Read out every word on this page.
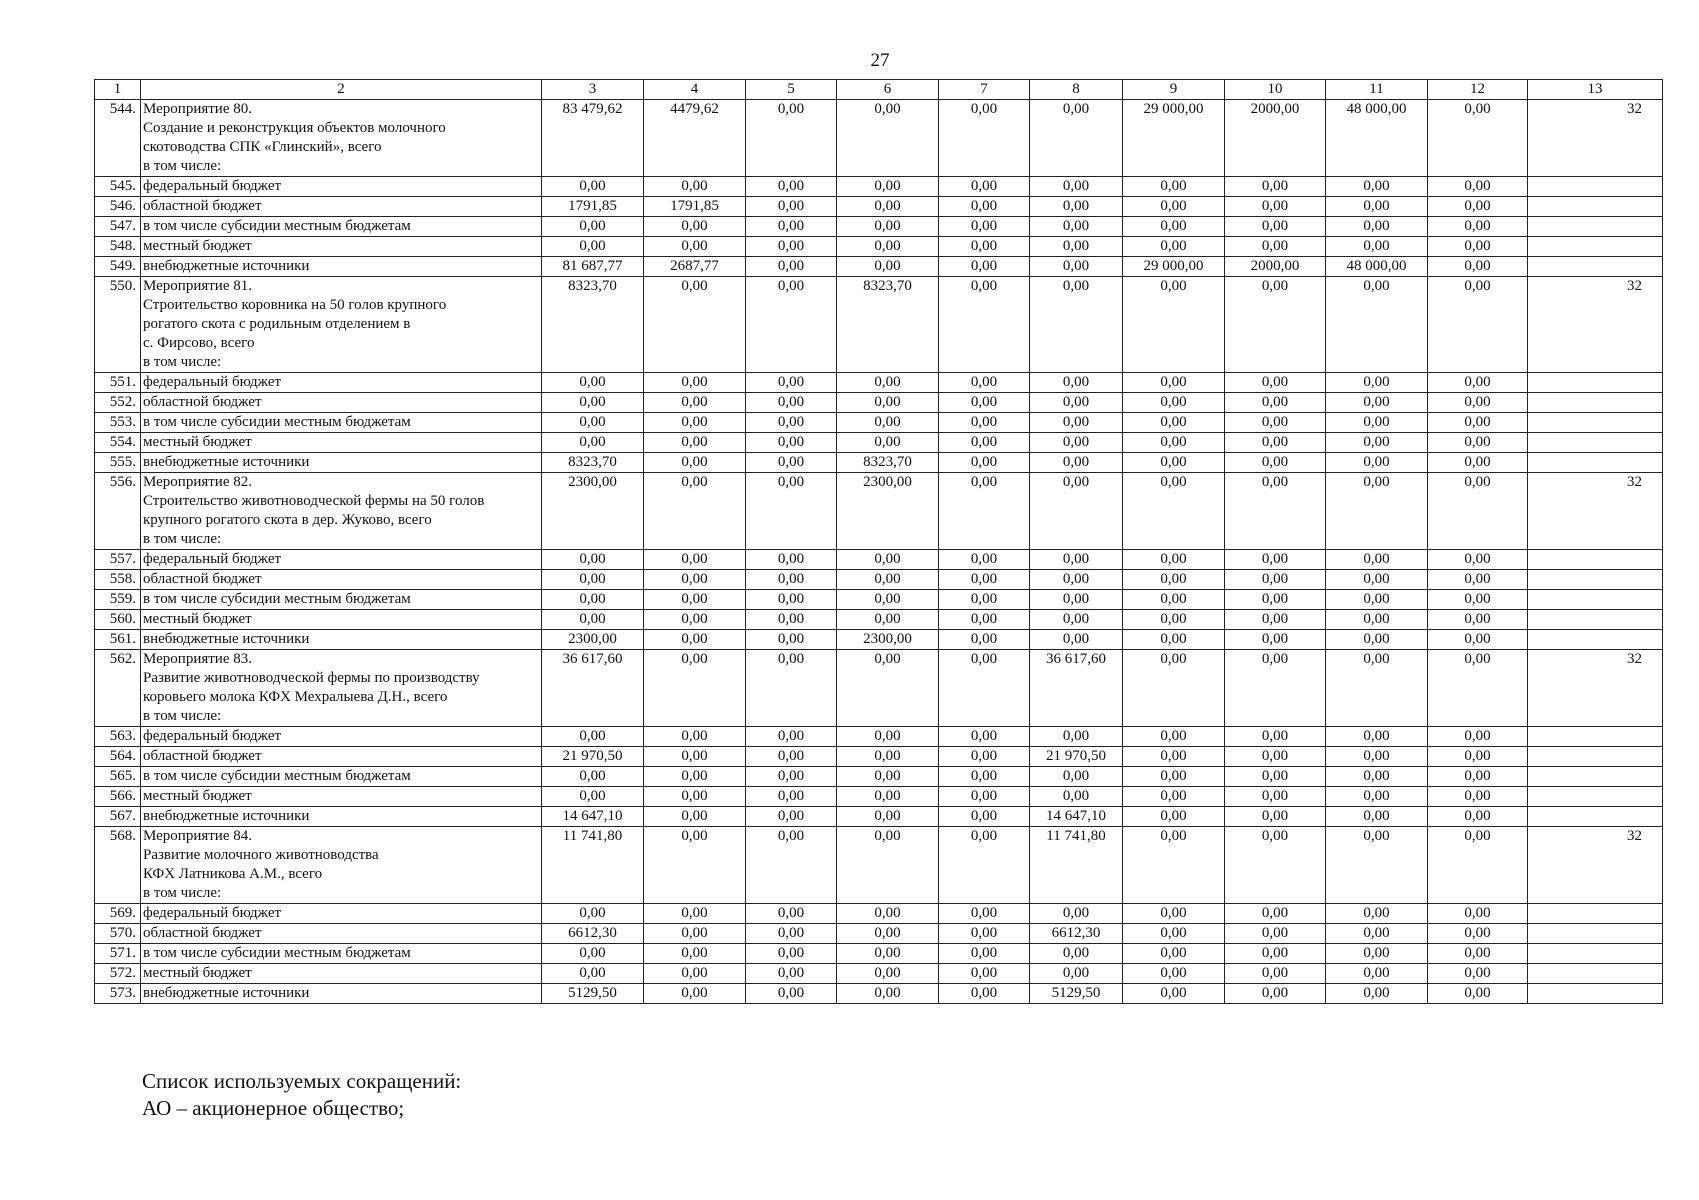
27
1	2	3	4	5	6	7	8	9	10	11	12	13
544.	Мероприятие 80.
Создание и реконструкция объектов молочного
скотоводства СПК «Глинский», всего
в том числе:	83 479,62	4479,62	0,00	0,00	0,00	0,00	29 000,00	2000,00	48 000,00	0,00	32
545.	федеральный бюджет	0,00	0,00	0,00	0,00	0,00	0,00	0,00	0,00	0,00	0,00	
546.	областной бюджет	1791,85	1791,85	0,00	0,00	0,00	0,00	0,00	0,00	0,00	0,00	
547.	в том числе субсидии местным бюджетам	0,00	0,00	0,00	0,00	0,00	0,00	0,00	0,00	0,00	0,00	
548.	местный бюджет	0,00	0,00	0,00	0,00	0,00	0,00	0,00	0,00	0,00	0,00	
549.	внебюджетные источники	81 687,77	2687,77	0,00	0,00	0,00	0,00	29 000,00	2000,00	48 000,00	0,00	
550.	Мероприятие 81.
Строительство коровника на 50 голов крупного
рогатого скота с родильным отделением в
с. Фирсово, всего
в том числе:	8323,70	0,00	0,00	8323,70	0,00	0,00	0,00	0,00	0,00	0,00	32
551.	федеральный бюджет	0,00	0,00	0,00	0,00	0,00	0,00	0,00	0,00	0,00	0,00	
552.	областной бюджет	0,00	0,00	0,00	0,00	0,00	0,00	0,00	0,00	0,00	0,00	
553.	в том числе субсидии местным бюджетам	0,00	0,00	0,00	0,00	0,00	0,00	0,00	0,00	0,00	0,00	
554.	местный бюджет	0,00	0,00	0,00	0,00	0,00	0,00	0,00	0,00	0,00	0,00	
555.	внебюджетные источники	8323,70	0,00	0,00	8323,70	0,00	0,00	0,00	0,00	0,00	0,00	
556.	Мероприятие 82.
Строительство животноводческой фермы на 50 голов
крупного рогатого скота в дер. Жуково, всего
в том числе:	2300,00	0,00	0,00	2300,00	0,00	0,00	0,00	0,00	0,00	0,00	32
557.	федеральный бюджет	0,00	0,00	0,00	0,00	0,00	0,00	0,00	0,00	0,00	0,00	
558.	областной бюджет	0,00	0,00	0,00	0,00	0,00	0,00	0,00	0,00	0,00	0,00	
559.	в том числе субсидии местным бюджетам	0,00	0,00	0,00	0,00	0,00	0,00	0,00	0,00	0,00	0,00	
560.	местный бюджет	0,00	0,00	0,00	0,00	0,00	0,00	0,00	0,00	0,00	0,00	
561.	внебюджетные источники	2300,00	0,00	0,00	2300,00	0,00	0,00	0,00	0,00	0,00	0,00	
562.	Мероприятие 83.
Развитие животноводческой фермы по производству
коровьего молока КФХ Мехралыева Д.Н., всего
в том числе:	36 617,60	0,00	0,00	0,00	0,00	36 617,60	0,00	0,00	0,00	0,00	32
563.	федеральный бюджет	0,00	0,00	0,00	0,00	0,00	0,00	0,00	0,00	0,00	0,00	
564.	областной бюджет	21 970,50	0,00	0,00	0,00	0,00	21 970,50	0,00	0,00	0,00	0,00	
565.	в том числе субсидии местным бюджетам	0,00	0,00	0,00	0,00	0,00	0,00	0,00	0,00	0,00	0,00	
566.	местный бюджет	0,00	0,00	0,00	0,00	0,00	0,00	0,00	0,00	0,00	0,00	
567.	внебюджетные источники	14 647,10	0,00	0,00	0,00	0,00	14 647,10	0,00	0,00	0,00	0,00	
568.	Мероприятие 84.
Развитие молочного животноводства
КФХ Латникова А.М., всего
в том числе:	11 741,80	0,00	0,00	0,00	0,00	11 741,80	0,00	0,00	0,00	0,00	32
569.	федеральный бюджет	0,00	0,00	0,00	0,00	0,00	0,00	0,00	0,00	0,00	0,00	
570.	областной бюджет	6612,30	0,00	0,00	0,00	0,00	6612,30	0,00	0,00	0,00	0,00	
571.	в том числе субсидии местным бюджетам	0,00	0,00	0,00	0,00	0,00	0,00	0,00	0,00	0,00	0,00	
572.	местный бюджет	0,00	0,00	0,00	0,00	0,00	0,00	0,00	0,00	0,00	0,00	
573.	внебюджетные источники	5129,50	0,00	0,00	0,00	0,00	5129,50	0,00	0,00	0,00	0,00	
Список используемых сокращений:
АО – акционерное общество;
